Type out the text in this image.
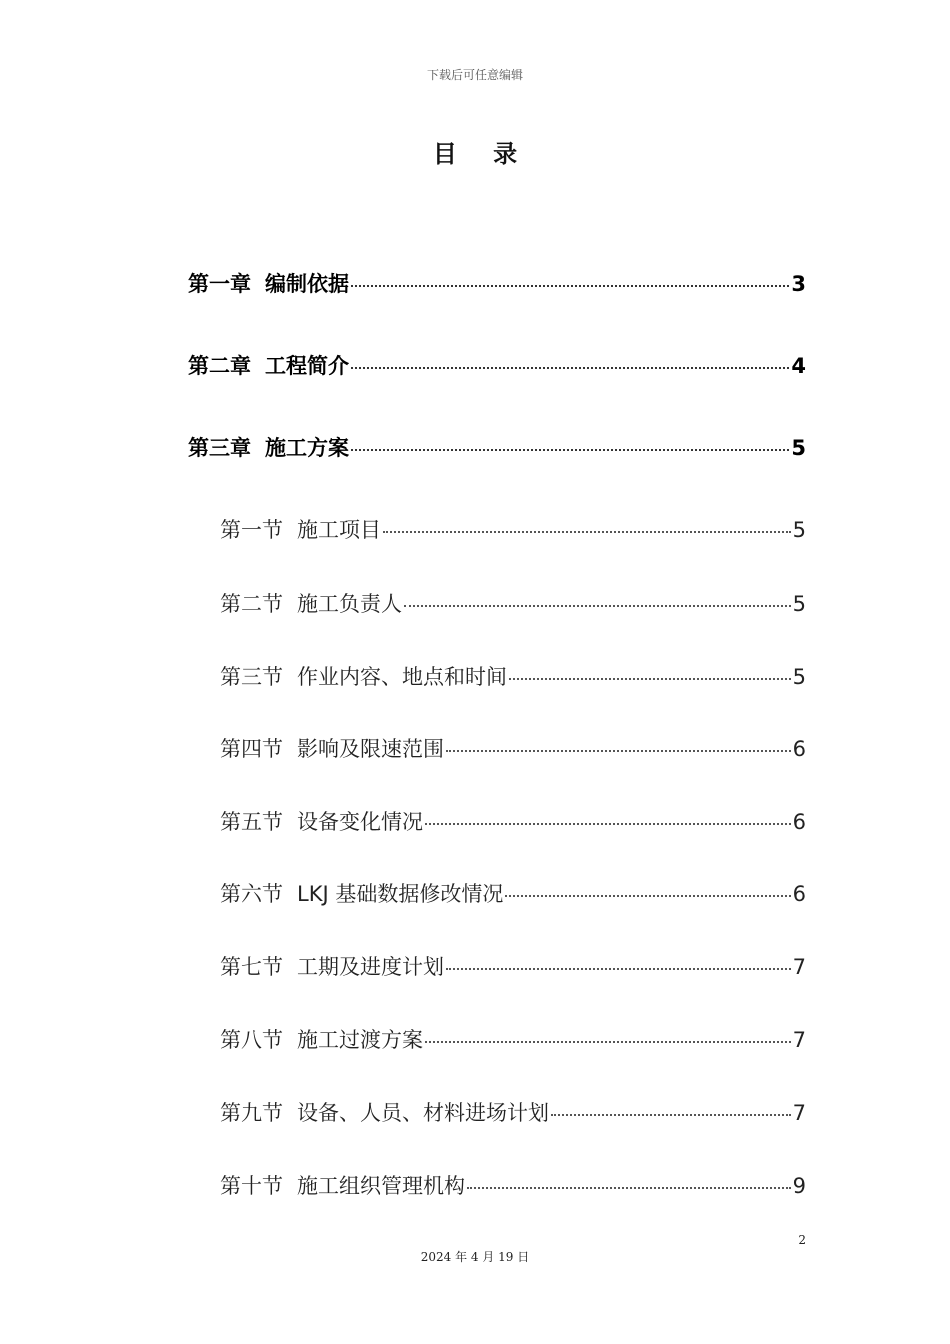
下载后可任意编辑
目 录
第一章 编制依据	3
第二章 工程简介	4
第三章 施工方案	5
第一节 施工项目	5
第二节 施工负责人	5
第三节 作业内容、地点和时间	5
第四节 影响及限速范围	6
第五节 设备变化情况	6
第六节 LKJ 基础数据修改情况	6
第七节 工期及进度计划	7
第八节 施工过渡方案	7
第九节 设备、人员、材料进场计划	7
第十节 施工组织管理机构	9
2
2024 年 4 月 19 日
